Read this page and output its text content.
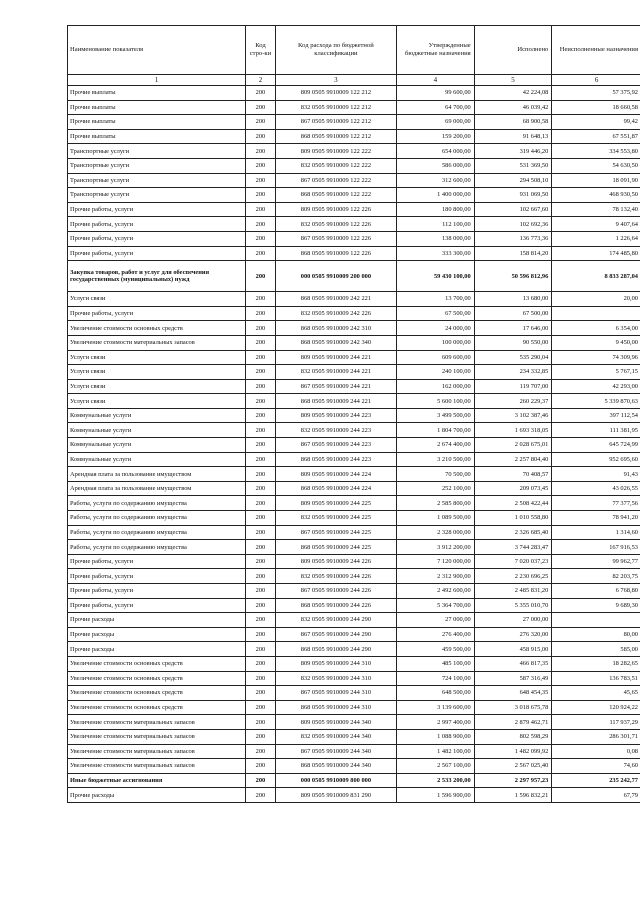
Наименование показателя	Код стро-ки	Код расхода по бюджетной классификации	Утвержденные бюджетные назначения	Исполнено	Неисполненные назначения
1	2	3	4	5	6
Прочие выплаты	200	809 0505 9910009 122 212	99 600,00	42 224,08	57 375,92
Прочие выплаты	200	832 0505 9910009 122 212	64 700,00	46 039,42	18 660,58
Прочие выплаты	200	867 0505 9910009 122 212	69 000,00	68 900,58	99,42
Прочие выплаты	200	868 0505 9910009 122 212	159 200,00	91 648,13	67 551,87
Транспортные услуги	200	809 0505 9910009 122 222	654 000,00	319 446,20	334 553,80
Транспортные услуги	200	832 0505 9910009 122 222	586 000,00	531 369,50	54 630,50
Транспортные услуги	200	867 0505 9910009 122 222	312 600,00	294 508,10	18 091,90
Транспортные услуги	200	868 0505 9910009 122 222	1 400 000,00	931 069,50	468 930,50
Прочие работы, услуги	200	809 0505 9910009 122 226	180 800,00	102 667,60	78 132,40
Прочие работы, услуги	200	832 0505 9910009 122 226	112 100,00	102 692,36	9 407,64
Прочие работы, услуги	200	867 0505 9910009 122 226	138 000,00	136 773,36	1 226,64
Прочие работы, услуги	200	868 0505 9910009 122 226	333 300,00	158 814,20	174 485,80
Закупка товаров, работ и услуг для обеспечения государственных (муниципальных) нужд	200	000 0505 9910009 200 000	59 430 100,00	50 596 812,96	8 833 287,04
Услуги связи	200	868 0505 9910009 242 221	13 700,00	13 680,00	20,00
Прочие работы, услуги	200	832 0505 9910009 242 226	67 500,00	67 500,00	
Увеличение стоимости основных средств	200	868 0505 9910009 242 310	24 000,00	17 646,00	6 354,00
Увеличение стоимости материальных запасов	200	868 0505 9910009 242 340	100 000,00	90 550,00	9 450,00
Услуги связи	200	809 0505 9910009 244 221	609 600,00	535 290,04	74 309,96
Услуги связи	200	832 0505 9910009 244 221	240 100,00	234 332,85	5 767,15
Услуги связи	200	867 0505 9910009 244 221	162 000,00	119 707,00	42 293,00
Услуги связи	200	868 0505 9910009 244 221	5 600 100,00	260 229,37	5 339 870,63
Коммунальные услуги	200	809 0505 9910009 244 223	3 499 500,00	3 102 387,46	397 112,54
Коммунальные услуги	200	832 0505 9910009 244 223	1 804 700,00	1 693 318,05	111 381,95
Коммунальные услуги	200	867 0505 9910009 244 223	2 674 400,00	2 028 675,01	645 724,99
Коммунальные услуги	200	868 0505 9910009 244 223	3 210 500,00	2 257 804,40	952 695,60
Арендная плата за пользование имуществом	200	809 0505 9910009 244 224	70 500,00	70 408,57	91,43
Арендная плата за пользование имуществом	200	868 0505 9910009 244 224	252 100,00	209 073,45	43 026,55
Работы, услуги по содержанию имущества	200	809 0505 9910009 244 225	2 585 800,00	2 508 422,44	77 377,56
Работы, услуги по содержанию имущества	200	832 0505 9910009 244 225	1 089 500,00	1 010 558,80	78 941,20
Работы, услуги по содержанию имущества	200	867 0505 9910009 244 225	2 328 000,00	2 326 685,40	1 314,60
Работы, услуги по содержанию имущества	200	868 0505 9910009 244 225	3 912 200,00	3 744 283,47	167 916,53
Прочие работы, услуги	200	809 0505 9910009 244 226	7 120 000,00	7 020 037,23	99 962,77
Прочие работы, услуги	200	832 0505 9910009 244 226	2 312 900,00	2 230 696,25	82 203,75
Прочие работы, услуги	200	867 0505 9910009 244 226	2 492 600,00	2 485 831,20	6 768,80
Прочие работы, услуги	200	868 0505 9910009 244 226	5 364 700,00	5 355 010,70	9 689,30
Прочие расходы	200	832 0505 9910009 244 290	27 000,00	27 000,00	
Прочие расходы	200	867 0505 9910009 244 290	276 400,00	276 320,00	80,00
Прочие расходы	200	868 0505 9910009 244 290	459 500,00	458 915,00	585,00
Увеличение стоимости основных средств	200	809 0505 9910009 244 310	485 100,00	466 817,35	18 282,65
Увеличение стоимости основных средств	200	832 0505 9910009 244 310	724 100,00	587 316,49	136 783,51
Увеличение стоимости основных средств	200	867 0505 9910009 244 310	648 500,00	648 454,35	45,65
Увеличение стоимости основных средств	200	868 0505 9910009 244 310	3 139 600,00	3 018 675,78	120 924,22
Увеличение стоимости материальных запасов	200	809 0505 9910009 244 340	2 997 400,00	2 879 462,71	117 937,29
Увеличение стоимости материальных запасов	200	832 0505 9910009 244 340	1 088 900,00	802 598,29	286 301,71
Увеличение стоимости материальных запасов	200	867 0505 9910009 244 340	1 482 100,00	1 482 099,92	0,08
Увеличение стоимости материальных запасов	200	868 0505 9910009 244 340	2 567 100,00	2 567 025,40	74,60
Иные бюджетные ассигнования	200	000 0505 9910009 800 000	2 533 200,00	2 297 957,23	235 242,77
Прочие расходы	200	809 0505 9910009 831 290	1 596 900,00	1 596 832,21	67,79
